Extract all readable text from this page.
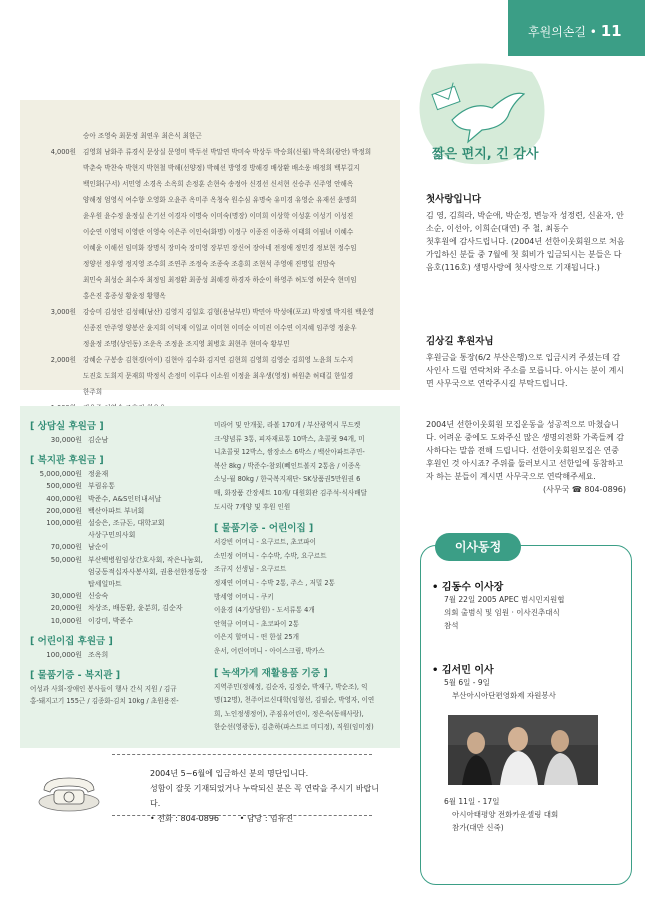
후원의손길 • 11
승아 조영숙 최문정 최연우 최은식 최한근
4,000원 김영희 남화주 류경식 문상실 문영미 박두선 박말연 박미숙 박상두 박승희(신월) 박옥희(광안) 박정희
박춘숙 박찬숙 박현지 박현철 박해(선양정) 박혜선 방영경 방해경 배상환 배소웅 배정희 백부길지
백인화(구서) 서민영 소경옥 소옥희 손정훈 손현숙 송정아 신경선 신서현 신승주 신주영 안해옥
양해정 엄영식 여수향 오영화 오윤주 옥미주 옥청숙 원수심 유명숙 유미경 유영순 유재선 윤명희
윤우원 윤수정 윤정실 은기선 이경자 이명숙 이미숙(명장) 이미희 이상학 이성훈 이성기 이성진
이순연 이영덕 이영란 이영숙 이은주 이인숙(화명) 이정구 이종진 이종하 이태희 이필녀 이혜수
이혜윤 이해선 임미화 장명식 장미숙 장미영 장부민 장신여 장아네 전정애 정민경 정보현 정수임
정양선 정우영 정지영 조수희 조연주 조정숙 조종숙 조흥희 조현석 주영애 진명일 진맘숙
최민숙 최성순 최수자 최정임 최정환 최종성 최해경 하경자 하순이 하영주 허도영 허문숙 현미임
홍은진 홍종성 황윤정 황행옥
3,000원 강승미 김성안 김성혜(남산) 김영지 김일호 김형(용남부민) 박민아 박성애(포교) 박정엘 박지원 백운영
신종진 안주영 양봉산 윤지희 이덕재 이일교 이미현 이미순 이미진 이수연 이지혜 임주영 정윤우
정윤정 조명(상인동) 조운옥 조정윤 조지영 최병호 최현주 현미숙 황부민
2,000원 강혜순 구봉송 김현경(아이) 김현아 김수화 김지연 김현희 김영희 김영순 김희영 노윤희 도수지
도진호 도희지 문재희 박정식 손정미 이루다 이소원 이정윤 최우생(영정) 허원춘 허태길 한일경
한주희
[ 상담실 후원금 ]
30,000원 김순남
[ 복지관 후원금 ]
5,000,000원 정윤재
500,000원 부림유통
400,000원 박준수, A&S인터내셔날
200,000원 백산아파트 부녀회
100,000원 설승은, 조규돈, 대학교회
사상구민의사회
70,000원 남순이
50,000원 부산백병원임상간호사회, 작은나눔회,
엄궁동적십자사봉사회, 권용선한정동장
탑세일마트
30,000원 신승숙
20,000원 차상조, 배동환, 윤분희, 김순자
10,000원 이강미, 박준수
[ 어린이집 후원금 ]
100,000원 조옥희
[ 물품기증 - 복지관 ]
어성과 사회-장애인 봉사들이 행사 간식 지원 / 김규
홍-돼지고기 155근 / 김종화-김치 10kg / 초원용진-
미라어 및 안개꽃, 라볼 170개 / 부산광역시 무드켓
크-양념류 3통, 피자재료통 10박스, 초콜릿 94개, 미
니초콜릿 12박스, 쌈장소스 6박스 / 백산아파트주민-
복산 8kg / 박준수-참외(뻬인트볼지 2통음 / 이종옥
소닝-월 80kg / 한국복지재단- SK상품권5만원권 6
매, 화장품 간장세트 10개/ 대원회관 김주석-식사배달
도시락 7개양 및 후원 인원
[ 물품기증 - 어린이집 ]
서강빈 어머니 - 요구르트, 초코파이
소민정 어머니 - 수수박, 수박, 요구르트
조규지 선생님 - 요구르트
정재연 어머니 - 수박 2통, 주스 , 저밀 2통
방세영 어머니 - 쿠키
이윤경 (4기상담원) - 도서류통 4개
안혁규 어머니 - 초코파이 2통
이은지 할머니 - 떤 한설 25개
운서, 어린어머니 - 아이스크림, 박카스
[ 녹색가게 재활용품 기증 ]
지역주민(정해정, 김순자, 김정순, 박재구, 박순조), 익
명(12명), 천주어르신대학(임형선, 김필순, 박영자, 이연
희, 노인정생정어), 주짐유어린이, 정은숙(동해사랑),
한순선(영광동), 김춘하(파스트르 미디정), 직원(임미정)
2004년 5~6월에 입금하신 분의 명단입니다.
성함이 잘못 기재되었거나 누락되신 분은 꼭 연락을 주시기 바랍니다.
• 전화 : 804-0896	• 담당 : 임유진
짧은 편지, 긴 감사
첫사랑입니다

김 영, 김희라, 박순애, 박순정, 변능자 성정련, 신윤자, 안소순, 이선아, 이희순(대연) 주 철, 최동수

첫후원에 감사드립니다. (2004년 선한이웃회원으로 처음 가입하신 분들 중 7월에 첫 회비가 입금되시는 분들은 다음호(116호) 생명사랑에 첫사랑으로 기재됩니다.)

김상길 후원자님

후원금을 통장(6/2 부산은행)으로 입금시켜 주셨는데 감사인사 드릴 연락처와 주소를 모릅니다. 아시는 분이 계시면 사무국으로 연락주시길 부탁드립니다.

2004년 선한이웃회원 모집운동을 성공적으로 마쳤습니다. 어려운 중에도 도와주신 많은 생명의전화 가족들께 감사하다는 말씀 전해 드립니다. 선한이웃회원모집은 연중 후원인 것 아시죠? 주위를 둘러보시고 선한일에 동참하고자 하는 분들이 계시면 사무국으로 연락해주세요.

(사무국 ☎ 804-0896)

이사동정
• 김동수 이사장
7월 22일 2005 APEC 범시민지원협
의회 출범식 및 임원 · 이사진추대식
참석
• 김서민 이사
5월 6일 - 9일
부산아시아단편영화제 자원봉사
6월 11일 - 17일
아시아태평양 전화카운셀링 대회
참가(대만 신죽)
